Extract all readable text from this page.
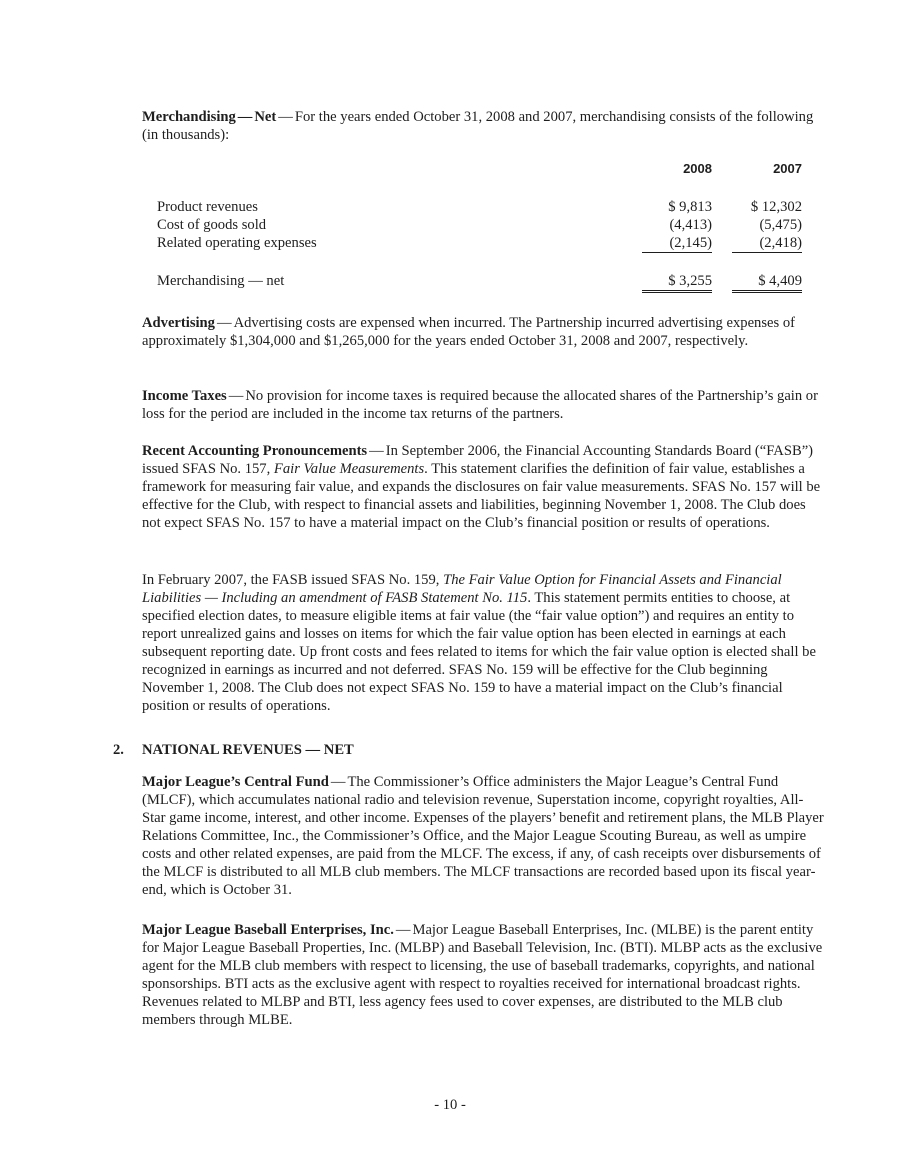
Merchandising — Net — For the years ended October 31, 2008 and 2007, merchandising consists of the following (in thousands):

2008	2007
Product revenues	$ 9,813	$ 12,302
Cost of goods sold	(4,413)	(5,475)
Related operating expenses	(2,145)	(2,418)
Merchandising — net	$ 3,255	$ 4,409

Advertising — Advertising costs are expensed when incurred. The Partnership incurred advertising expenses of approximately $1,304,000 and $1,265,000 for the years ended October 31, 2008 and 2007, respectively.

Income Taxes — No provision for income taxes is required because the allocated shares of the Partnership’s gain or loss for the period are included in the income tax returns of the partners.

Recent Accounting Pronouncements — In September 2006, the Financial Accounting Standards Board (“FASB”) issued SFAS No. 157, Fair Value Measurements. This statement clarifies the definition of fair value, establishes a framework for measuring fair value, and expands the disclosures on fair value measurements. SFAS No. 157 will be effective for the Club, with respect to financial assets and liabilities, beginning November 1, 2008. The Club does not expect SFAS No. 157 to have a material impact on the Club’s financial position or results of operations.

In February 2007, the FASB issued SFAS No. 159, The Fair Value Option for Financial Assets and Financial Liabilities — Including an amendment of FASB Statement No. 115. This statement permits entities to choose, at specified election dates, to measure eligible items at fair value (the “fair value option”) and requires an entity to report unrealized gains and losses on items for which the fair value option has been elected in earnings at each subsequent reporting date. Up front costs and fees related to items for which the fair value option is elected shall be recognized in earnings as incurred and not deferred. SFAS No. 159 will be effective for the Club beginning November 1, 2008. The Club does not expect SFAS No. 159 to have a material impact on the Club’s financial position or results of operations.

2. NATIONAL REVENUES — NET

Major League’s Central Fund — The Commissioner’s Office administers the Major League’s Central Fund (MLCF), which accumulates national radio and television revenue, Superstation income, copyright royalties, All-Star game income, interest, and other income. Expenses of the players’ benefit and retirement plans, the MLB Player Relations Committee, Inc., the Commissioner’s Office, and the Major League Scouting Bureau, as well as umpire costs and other related expenses, are paid from the MLCF. The excess, if any, of cash receipts over disbursements of the MLCF is distributed to all MLB club members. The MLCF transactions are recorded based upon its fiscal year-end, which is October 31.

Major League Baseball Enterprises, Inc. — Major League Baseball Enterprises, Inc. (MLBE) is the parent entity for Major League Baseball Properties, Inc. (MLBP) and Baseball Television, Inc. (BTI). MLBP acts as the exclusive agent for the MLB club members with respect to licensing, the use of baseball trademarks, copyrights, and national sponsorships. BTI acts as the exclusive agent with respect to royalties received for international broadcast rights. Revenues related to MLBP and BTI, less agency fees used to cover expenses, are distributed to the MLB club members through MLBE.

- 10 -
